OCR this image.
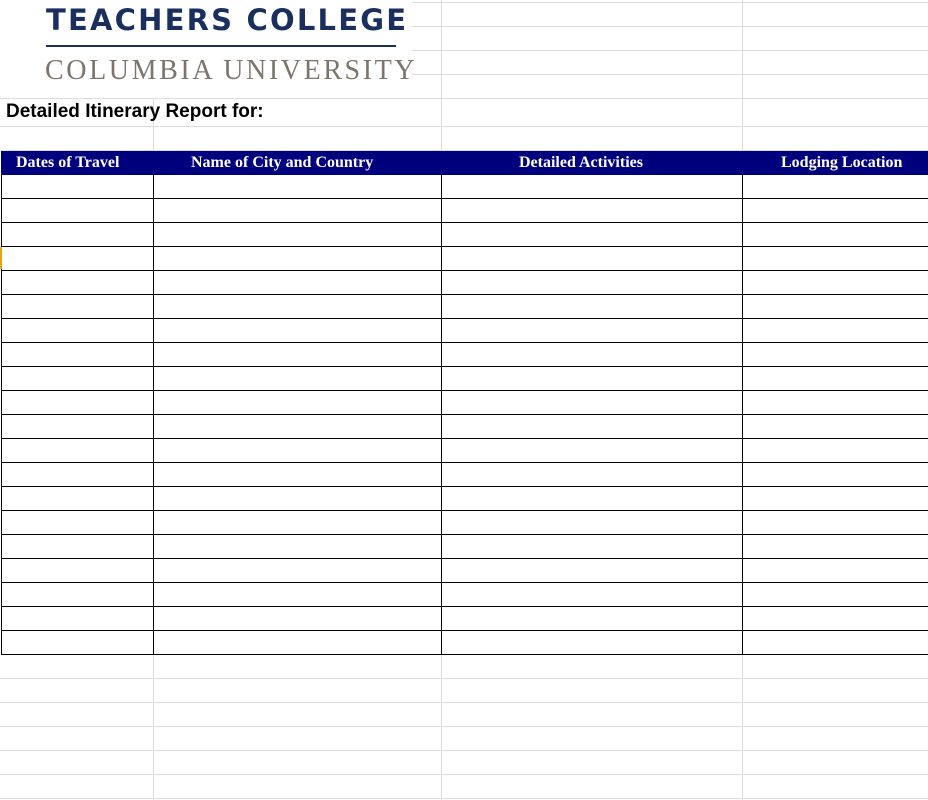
TEACHERS COLLEGE
COLUMBIA UNIVERSITY
Detailed Itinerary Report for:
Dates of Travel	Name of City and Country	Detailed Activities	Lodging Location
